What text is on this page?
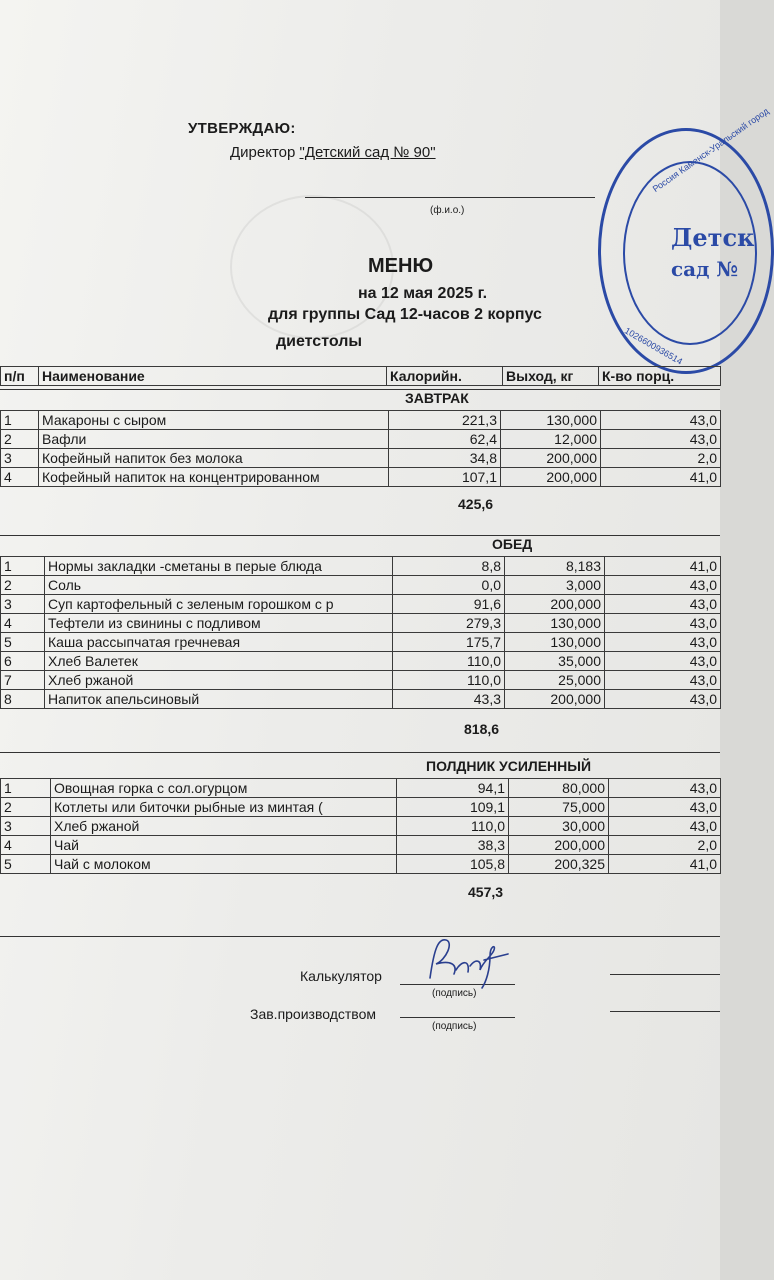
УТВЕРЖДАЮ:
Директор "Детский сад № 90"
(ф.и.о.)
Россия Каменск-Уральский город
1026600936514
Детск
сад №
МЕНЮ
на 12 мая 2025 г.
для группы Сад 12-часов 2 корпус
диетстолы
п/п	Наименование	Калорийн.	Выход, кг	К-во порц.
ЗАВТРАК
1	Макароны с сыром	221,3	130,000	43,0
2	Вафли	62,4	12,000	43,0
3	Кофейный напиток без молока	34,8	200,000	2,0
4	Кофейный напиток на концентрированном	107,1	200,000	41,0
425,6
ОБЕД
1	Нормы закладки -сметаны в перые блюда	8,8	8,183	41,0
2	Соль	0,0	3,000	43,0
3	Суп картофельный с зеленым горошком с р	91,6	200,000	43,0
4	Тефтели из свинины с подливом	279,3	130,000	43,0
5	Каша рассыпчатая гречневая	175,7	130,000	43,0
6	Хлеб Валетек	110,0	35,000	43,0
7	Хлеб ржаной	110,0	25,000	43,0
8	Напиток апельсиновый	43,3	200,000	43,0
818,6
ПОЛДНИК УСИЛЕННЫЙ
1	Овощная горка с сол.огурцом	94,1	80,000	43,0
2	Котлеты или биточки рыбные из минтая (	109,1	75,000	43,0
3	Хлеб ржаной	110,0	30,000	43,0
4	Чай	38,3	200,000	2,0
5	Чай с молоком	105,8	200,325	41,0
457,3
Калькулятор
(подпись)
Зав.производством
(подпись)
